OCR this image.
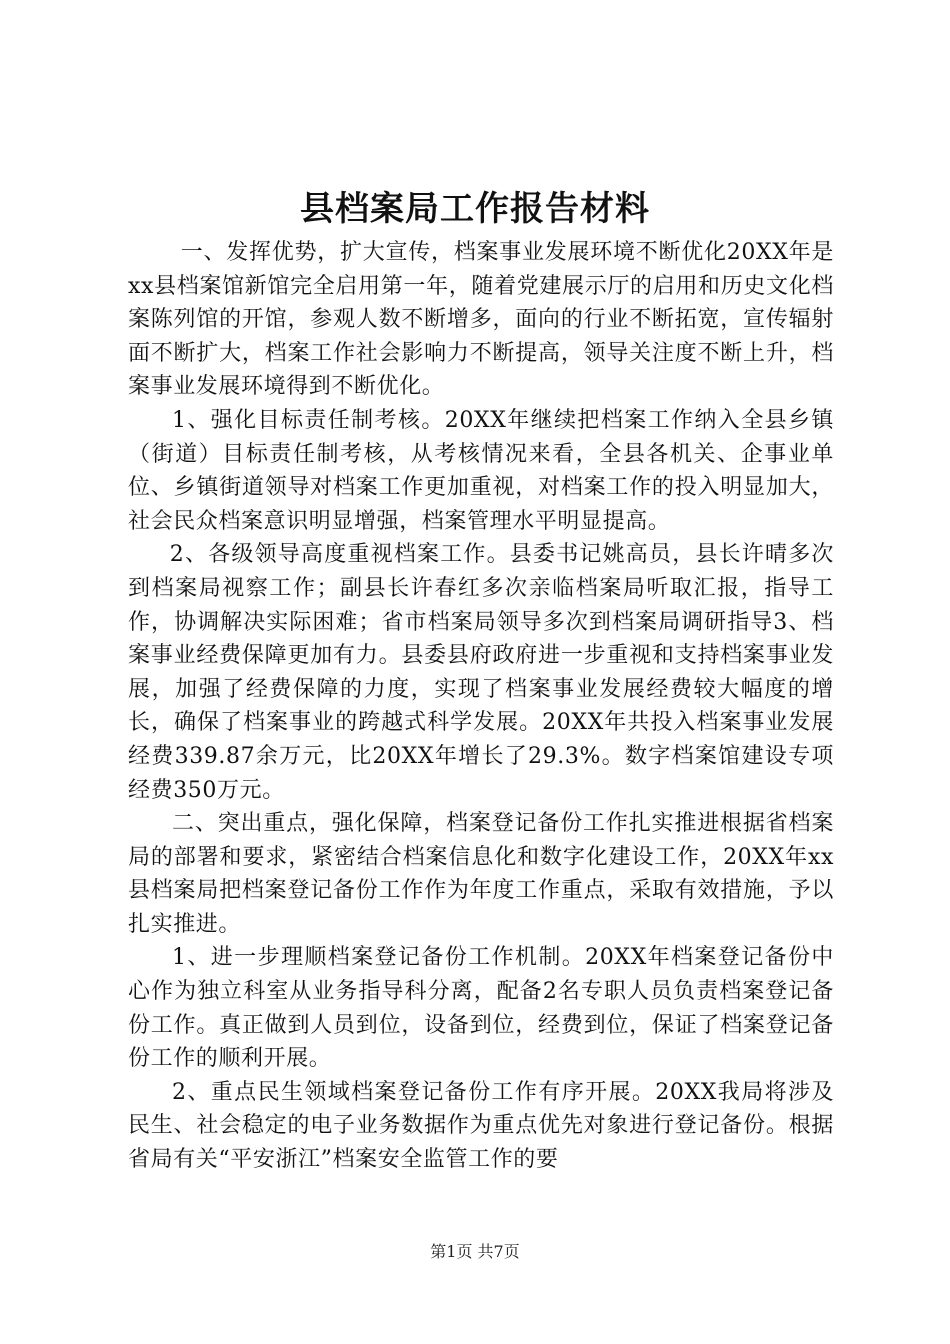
县档案局工作报告材料

一、发挥优势，扩大宣传，档案事业发展环境不断优化20XX年是xx县档案馆新馆完全启用第一年，随着党建展示厅的启用和历史文化档案陈列馆的开馆，参观人数不断增多，面向的行业不断拓宽，宣传辐射面不断扩大，档案工作社会影响力不断提高，领导关注度不断上升，档案事业发展环境得到不断优化。

1、强化目标责任制考核。20XX年继续把档案工作纳入全县乡镇（街道）目标责任制考核，从考核情况来看，全县各机关、企事业单位、乡镇街道领导对档案工作更加重视，对档案工作的投入明显加大，社会民众档案意识明显增强，档案管理水平明显提高。

2、各级领导高度重视档案工作。县委书记姚高员，县长许晴多次到档案局视察工作；副县长许春红多次亲临档案局听取汇报，指导工作，协调解决实际困难；省市档案局领导多次到档案局调研指导3、档案事业经费保障更加有力。县委县府政府进一步重视和支持档案事业发展，加强了经费保障的力度，实现了档案事业发展经费较大幅度的增长，确保了档案事业的跨越式科学发展。20XX年共投入档案事业发展经费339.87余万元，比20XX年增长了29.3%。数字档案馆建设专项经费350万元。

二、突出重点，强化保障，档案登记备份工作扎实推进根据省档案局的部署和要求，紧密结合档案信息化和数字化建设工作，20XX年xx县档案局把档案登记备份工作作为年度工作重点，采取有效措施，予以扎实推进。

1、进一步理顺档案登记备份工作机制。20XX年档案登记备份中心作为独立科室从业务指导科分离，配备2名专职人员负责档案登记备份工作。真正做到人员到位，设备到位，经费到位，保证了档案登记备份工作的顺利开展。

2、重点民生领域档案登记备份工作有序开展。20XX我局将涉及民生、社会稳定的电子业务数据作为重点优先对象进行登记备份。根据省局有关“平安浙江”档案安全监管工作的要

第1页 共7页
